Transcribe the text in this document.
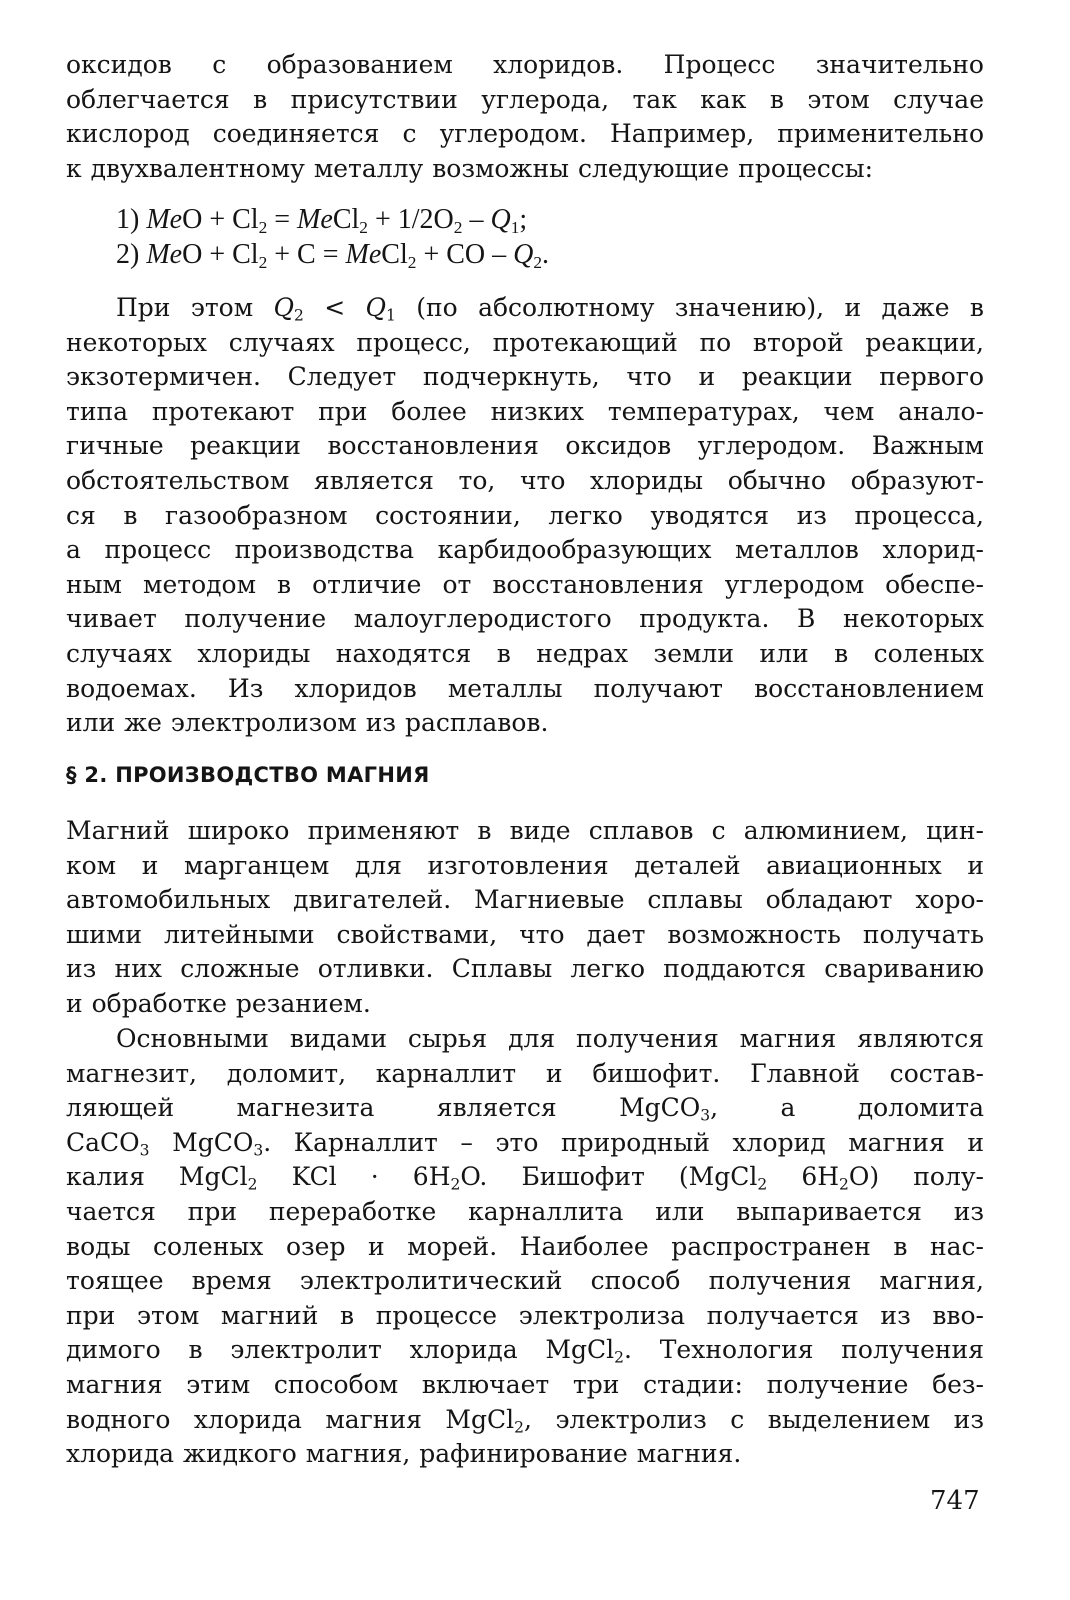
оксидов с образованием хлоридов. Процесс значительно

облегчается в присутствии углерода, так как в этом случае

кислород соединяется с углеродом. Например, применительно

к двухвалентному металлу возможны следующие процессы:

1) MeO + $Cl_2$ = MeCl$_2$ + $1/2O_2 - Q_1$;
2) MeO + $Cl_2 + C$ = MeCl$_2$ + CO – $Q_2$.

При этом $Q_2 < Q_1$ (по абсолютному значению), и даже в

некоторых случаях процесс, протекающий по второй реакции,

экзотермичен. Следует подчеркнуть, что и реакции первого

типа протекают при более низких температурах, чем анало-

гичные реакции восстановления оксидов углеродом. Важным

обстоятельством является то, что хлориды обычно образуют-

ся в газообразном состоянии, легко уводятся из процесса,

а процесс производства карбидообразующих металлов хлорид-

ным методом в отличие от восстановления углеродом обеспе-

чивает получение малоуглеродистого продукта. В некоторых

случаях хлориды находятся в недрах земли или в соленых

водоемах. Из хлоридов металлы получают восстановлением

или же электролизом из расплавов.

§ 2. ПРОИЗВОДСТВО МАГНИЯ

Магний широко применяют в виде сплавов с алюминием, цин-

ком и марганцем для изготовления деталей авиационных и

автомобильных двигателей. Магниевые сплавы обладают хоро-

шими литейными свойствами, что дает возможность получать

из них сложные отливки. Сплавы легко поддаются свариванию

и обработке резанием.

Основными видами сырья для получения магния являются

магнезит, доломит, карналлит и бишофит. Главной состав-

ляющей магнезита является MgCO$_3$, а доломита

CaCO$_3$ MgCO$_3$. Карналлит – это природный хлорид магния и

калия MgCl$_2$ KCl · $6H_2O$. Бишофит (MgCl$_2$ $6H_2O$) полу-

чается при переработке карналлита или выпаривается из

воды соленых озер и морей. Наиболее распространен в нас-

тоящее время электролитический способ получения магния,

при этом магний в процессе электролиза получается из вво-

димого в электролит хлорида MgCl$_2$. Технология получения

магния этим способом включает три стадии: получение без-

водного хлорида магния MgCl$_2$, электролиз с выделением из

хлорида жидкого магния, рафинирование магния.

747
